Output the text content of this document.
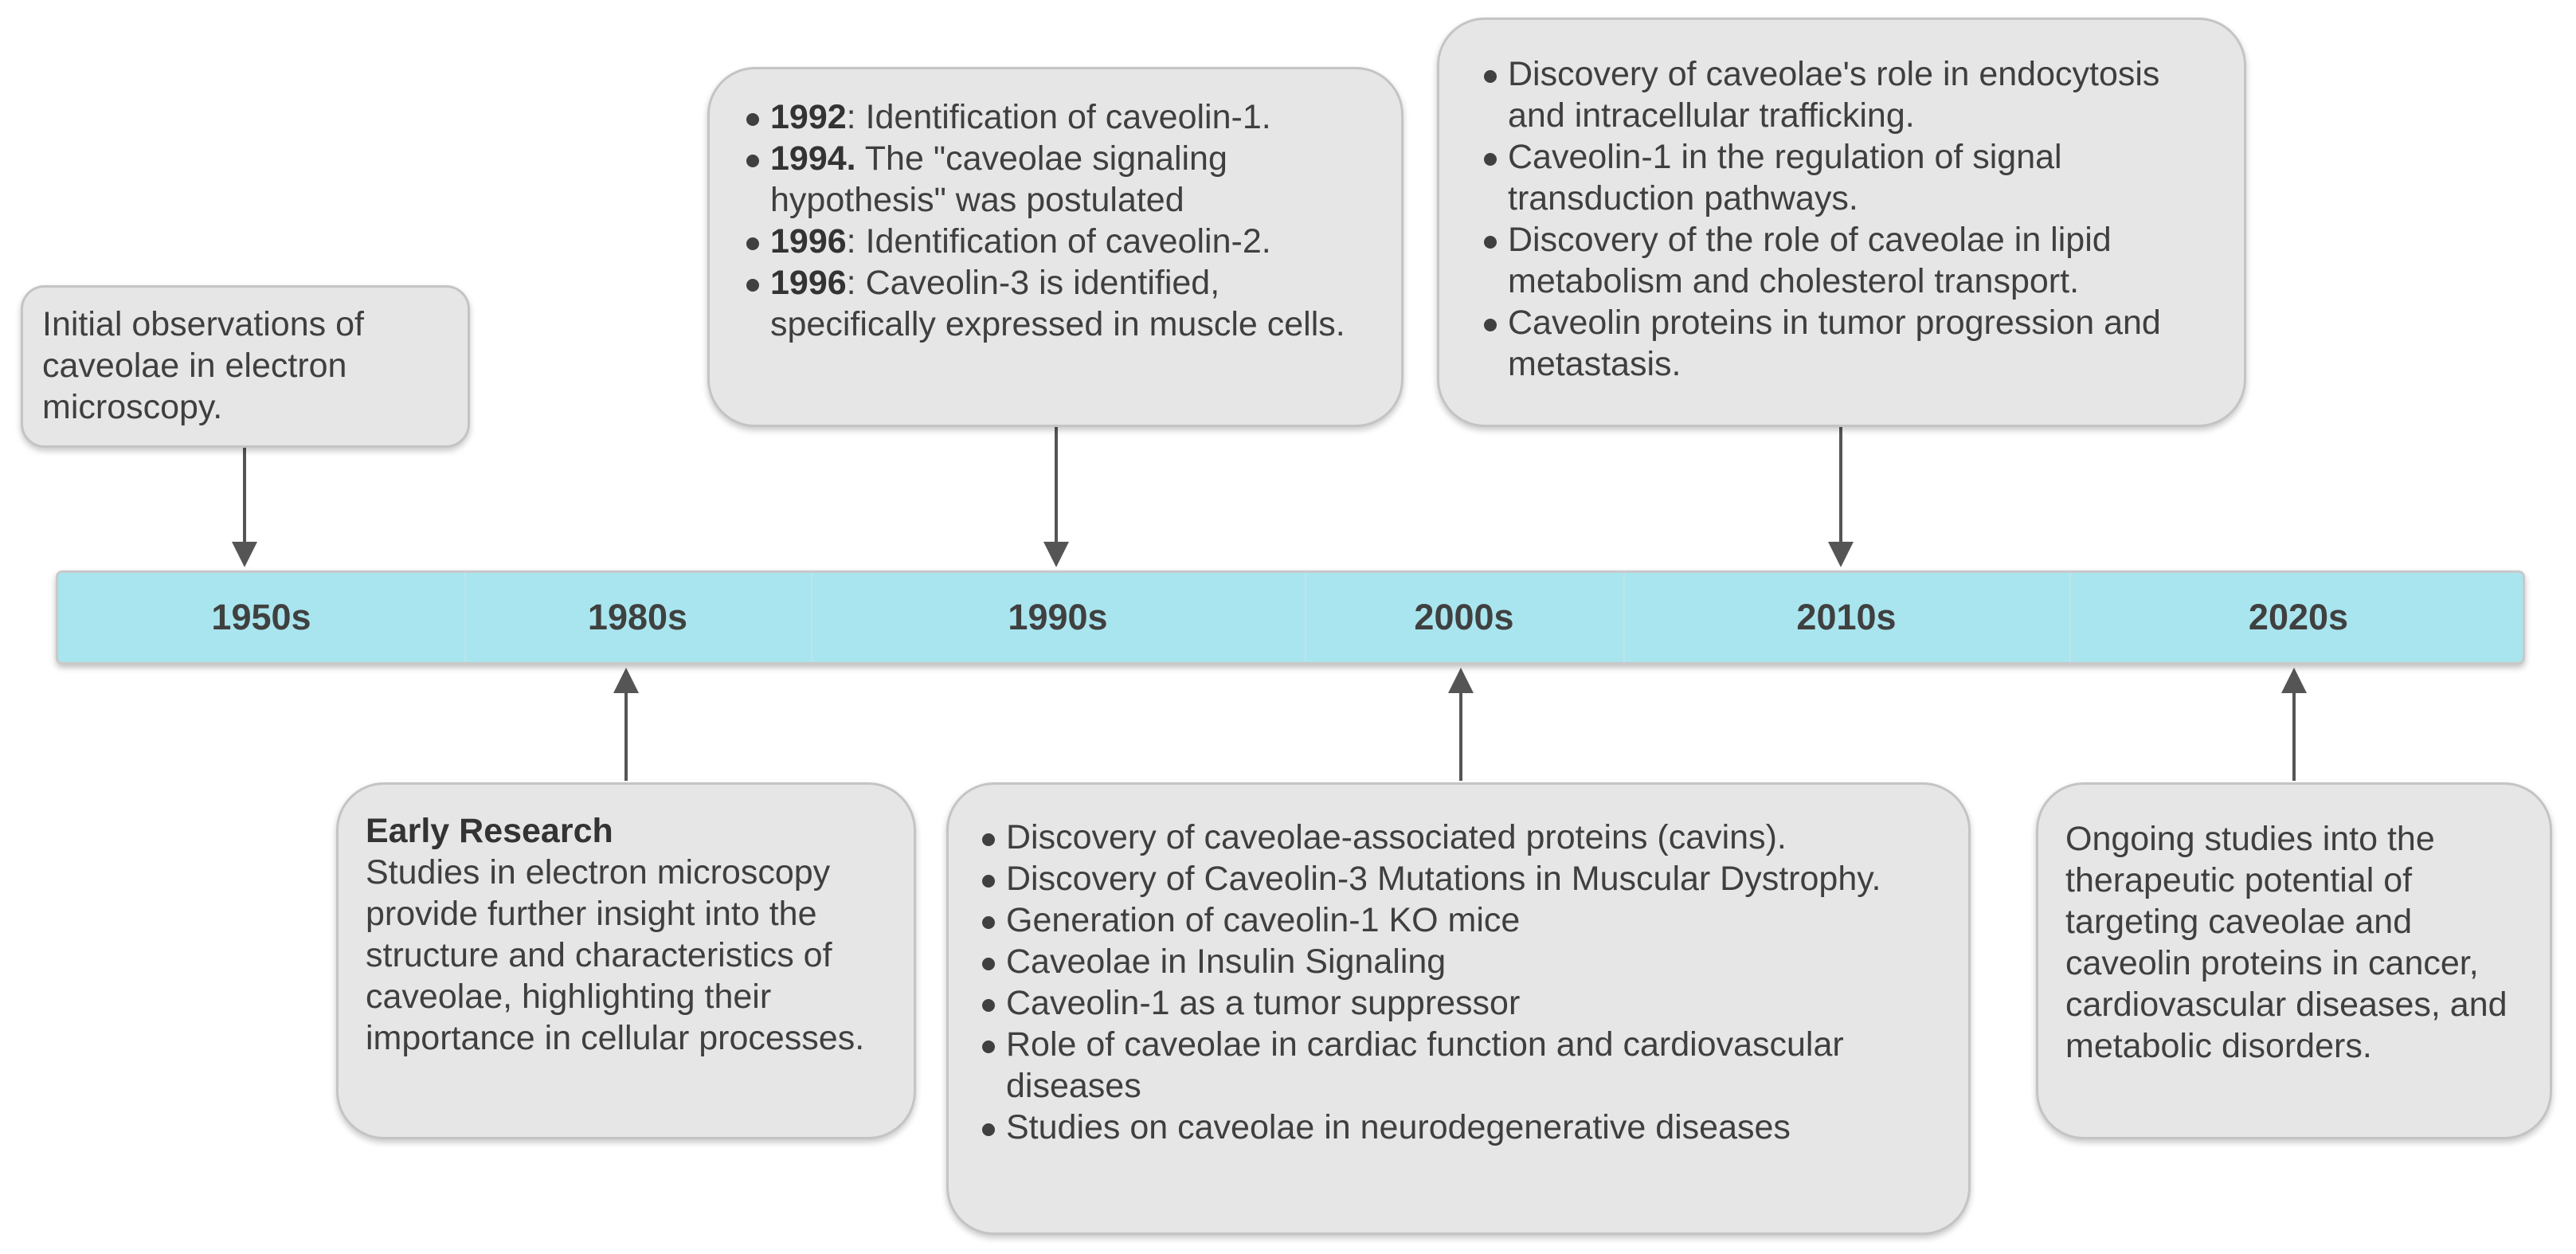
1950s	1980s	1990s	2000s	2010s	2020s
Initial observations of caveolae in electron microscopy.
1992: Identification of caveolin-1.
1994. The "caveolae signaling hypothesis" was postulated
1996: Identification of caveolin-2.
1996: Caveolin-3 is identified, specifically expressed in muscle cells.
Discovery of caveolae's role in endocytosis and intracellular trafficking.
Caveolin-1 in the regulation of signal transduction pathways.
Discovery of the role of caveolae in lipid metabolism and cholesterol transport.
Caveolin proteins in tumor progression and metastasis.
Early Research
Studies in electron microscopy provide further insight into the structure and characteristics of caveolae, highlighting their importance in cellular processes.
Discovery of caveolae-associated proteins (cavins).
Discovery of Caveolin-3 Mutations in Muscular Dystrophy.
Generation of caveolin-1 KO mice
Caveolae in Insulin Signaling
Caveolin-1 as a tumor suppressor
Role of caveolae in cardiac function and cardiovascular diseases
Studies on caveolae in neurodegenerative diseases
Ongoing studies into the therapeutic potential of targeting caveolae and caveolin proteins in cancer, cardiovascular diseases, and metabolic disorders.
